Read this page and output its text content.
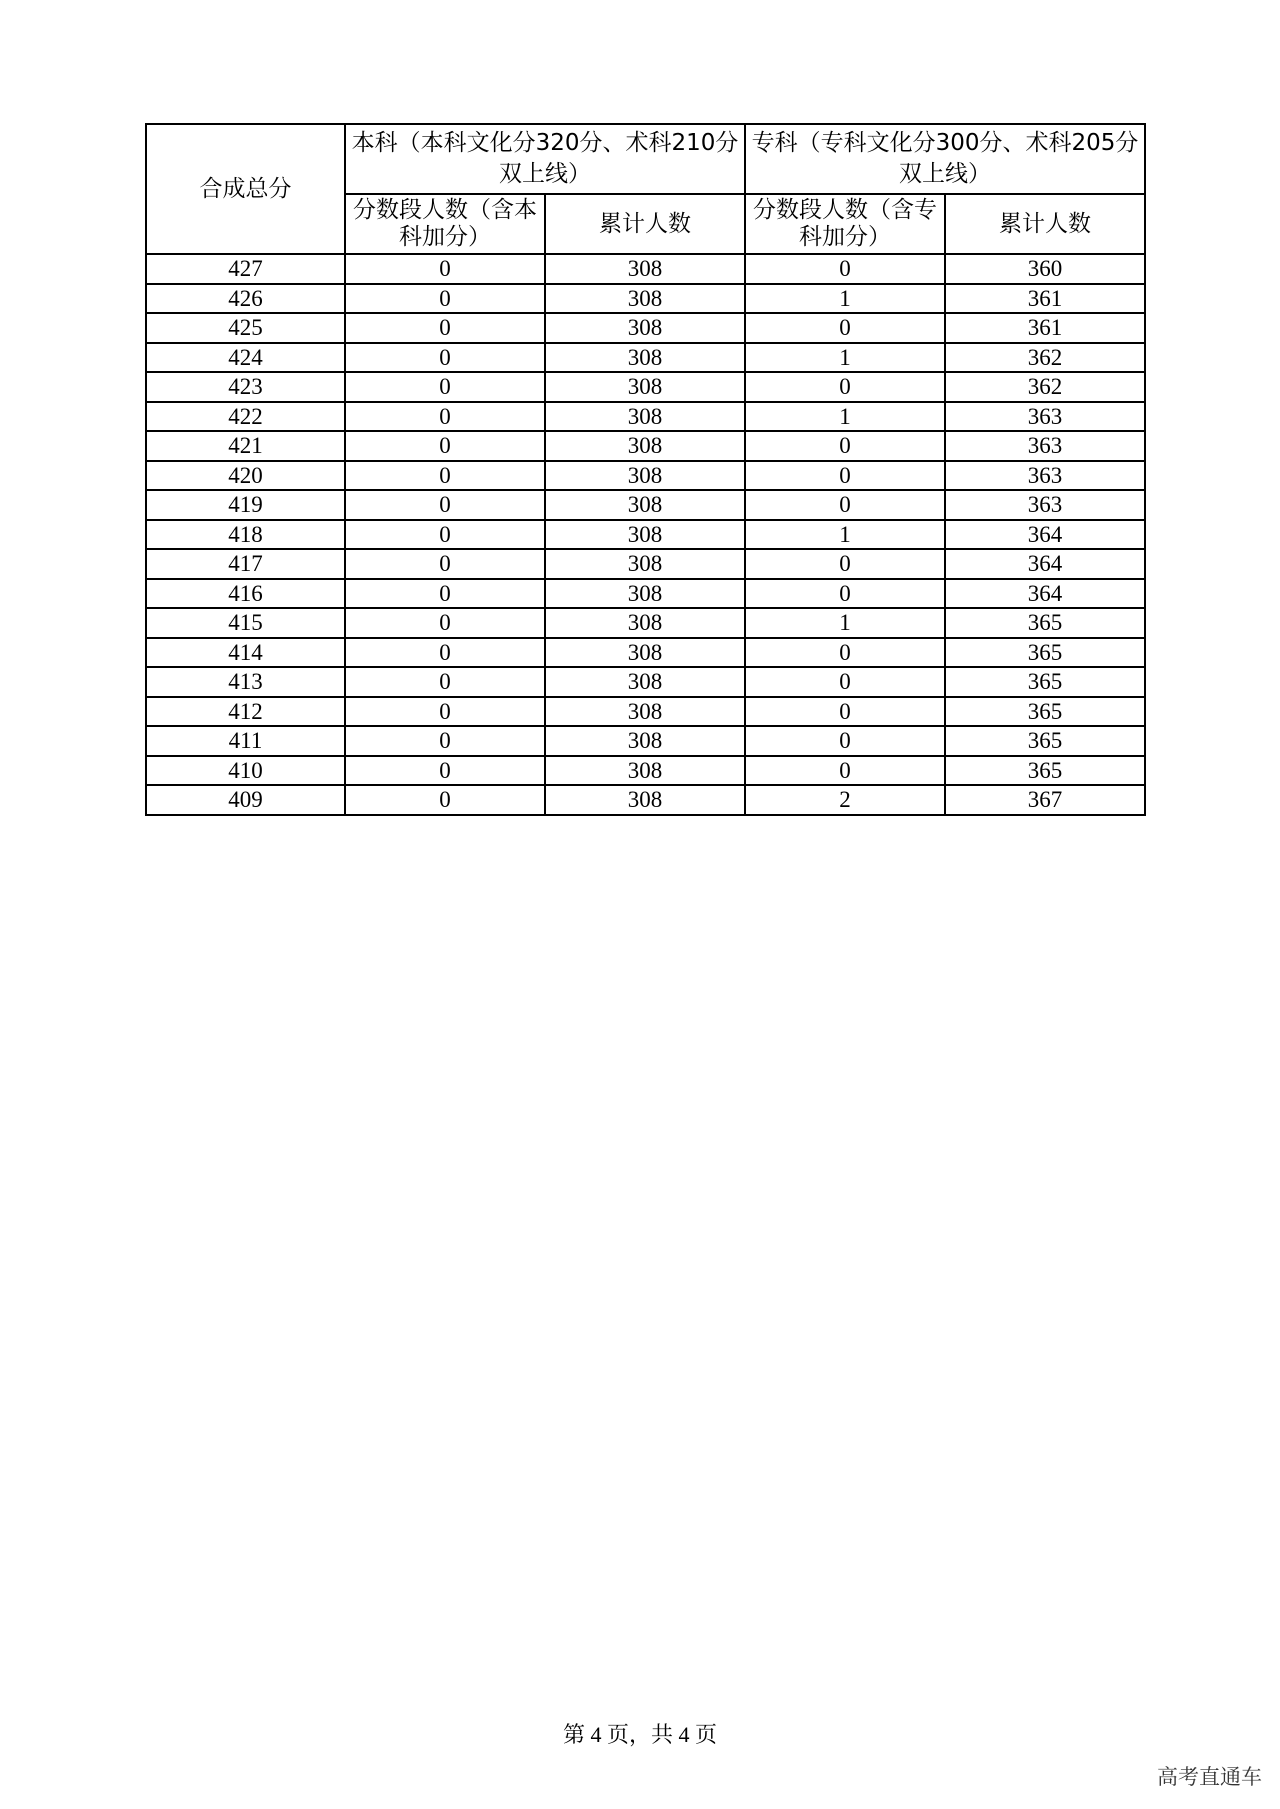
合成总分	本科（本科文化分320分、术科210分双上线）		专科（专科文化分300分、术科205分双上线）	

	分数段人数（含本科加分）	累计人数	分数段人数（含专科加分）	累计人数
427	0	308	0	360
426	0	308	1	361
425	0	308	0	361
424	0	308	1	362
423	0	308	0	362
422	0	308	1	363
421	0	308	0	363
420	0	308	0	363
419	0	308	0	363
418	0	308	1	364
417	0	308	0	364
416	0	308	0	364
415	0	308	1	365
414	0	308	0	365
413	0	308	0	365
412	0	308	0	365
411	0	308	0	365
410	0	308	0	365
409	0	308	2	367
第 4 页，共 4 页
高考直通车
